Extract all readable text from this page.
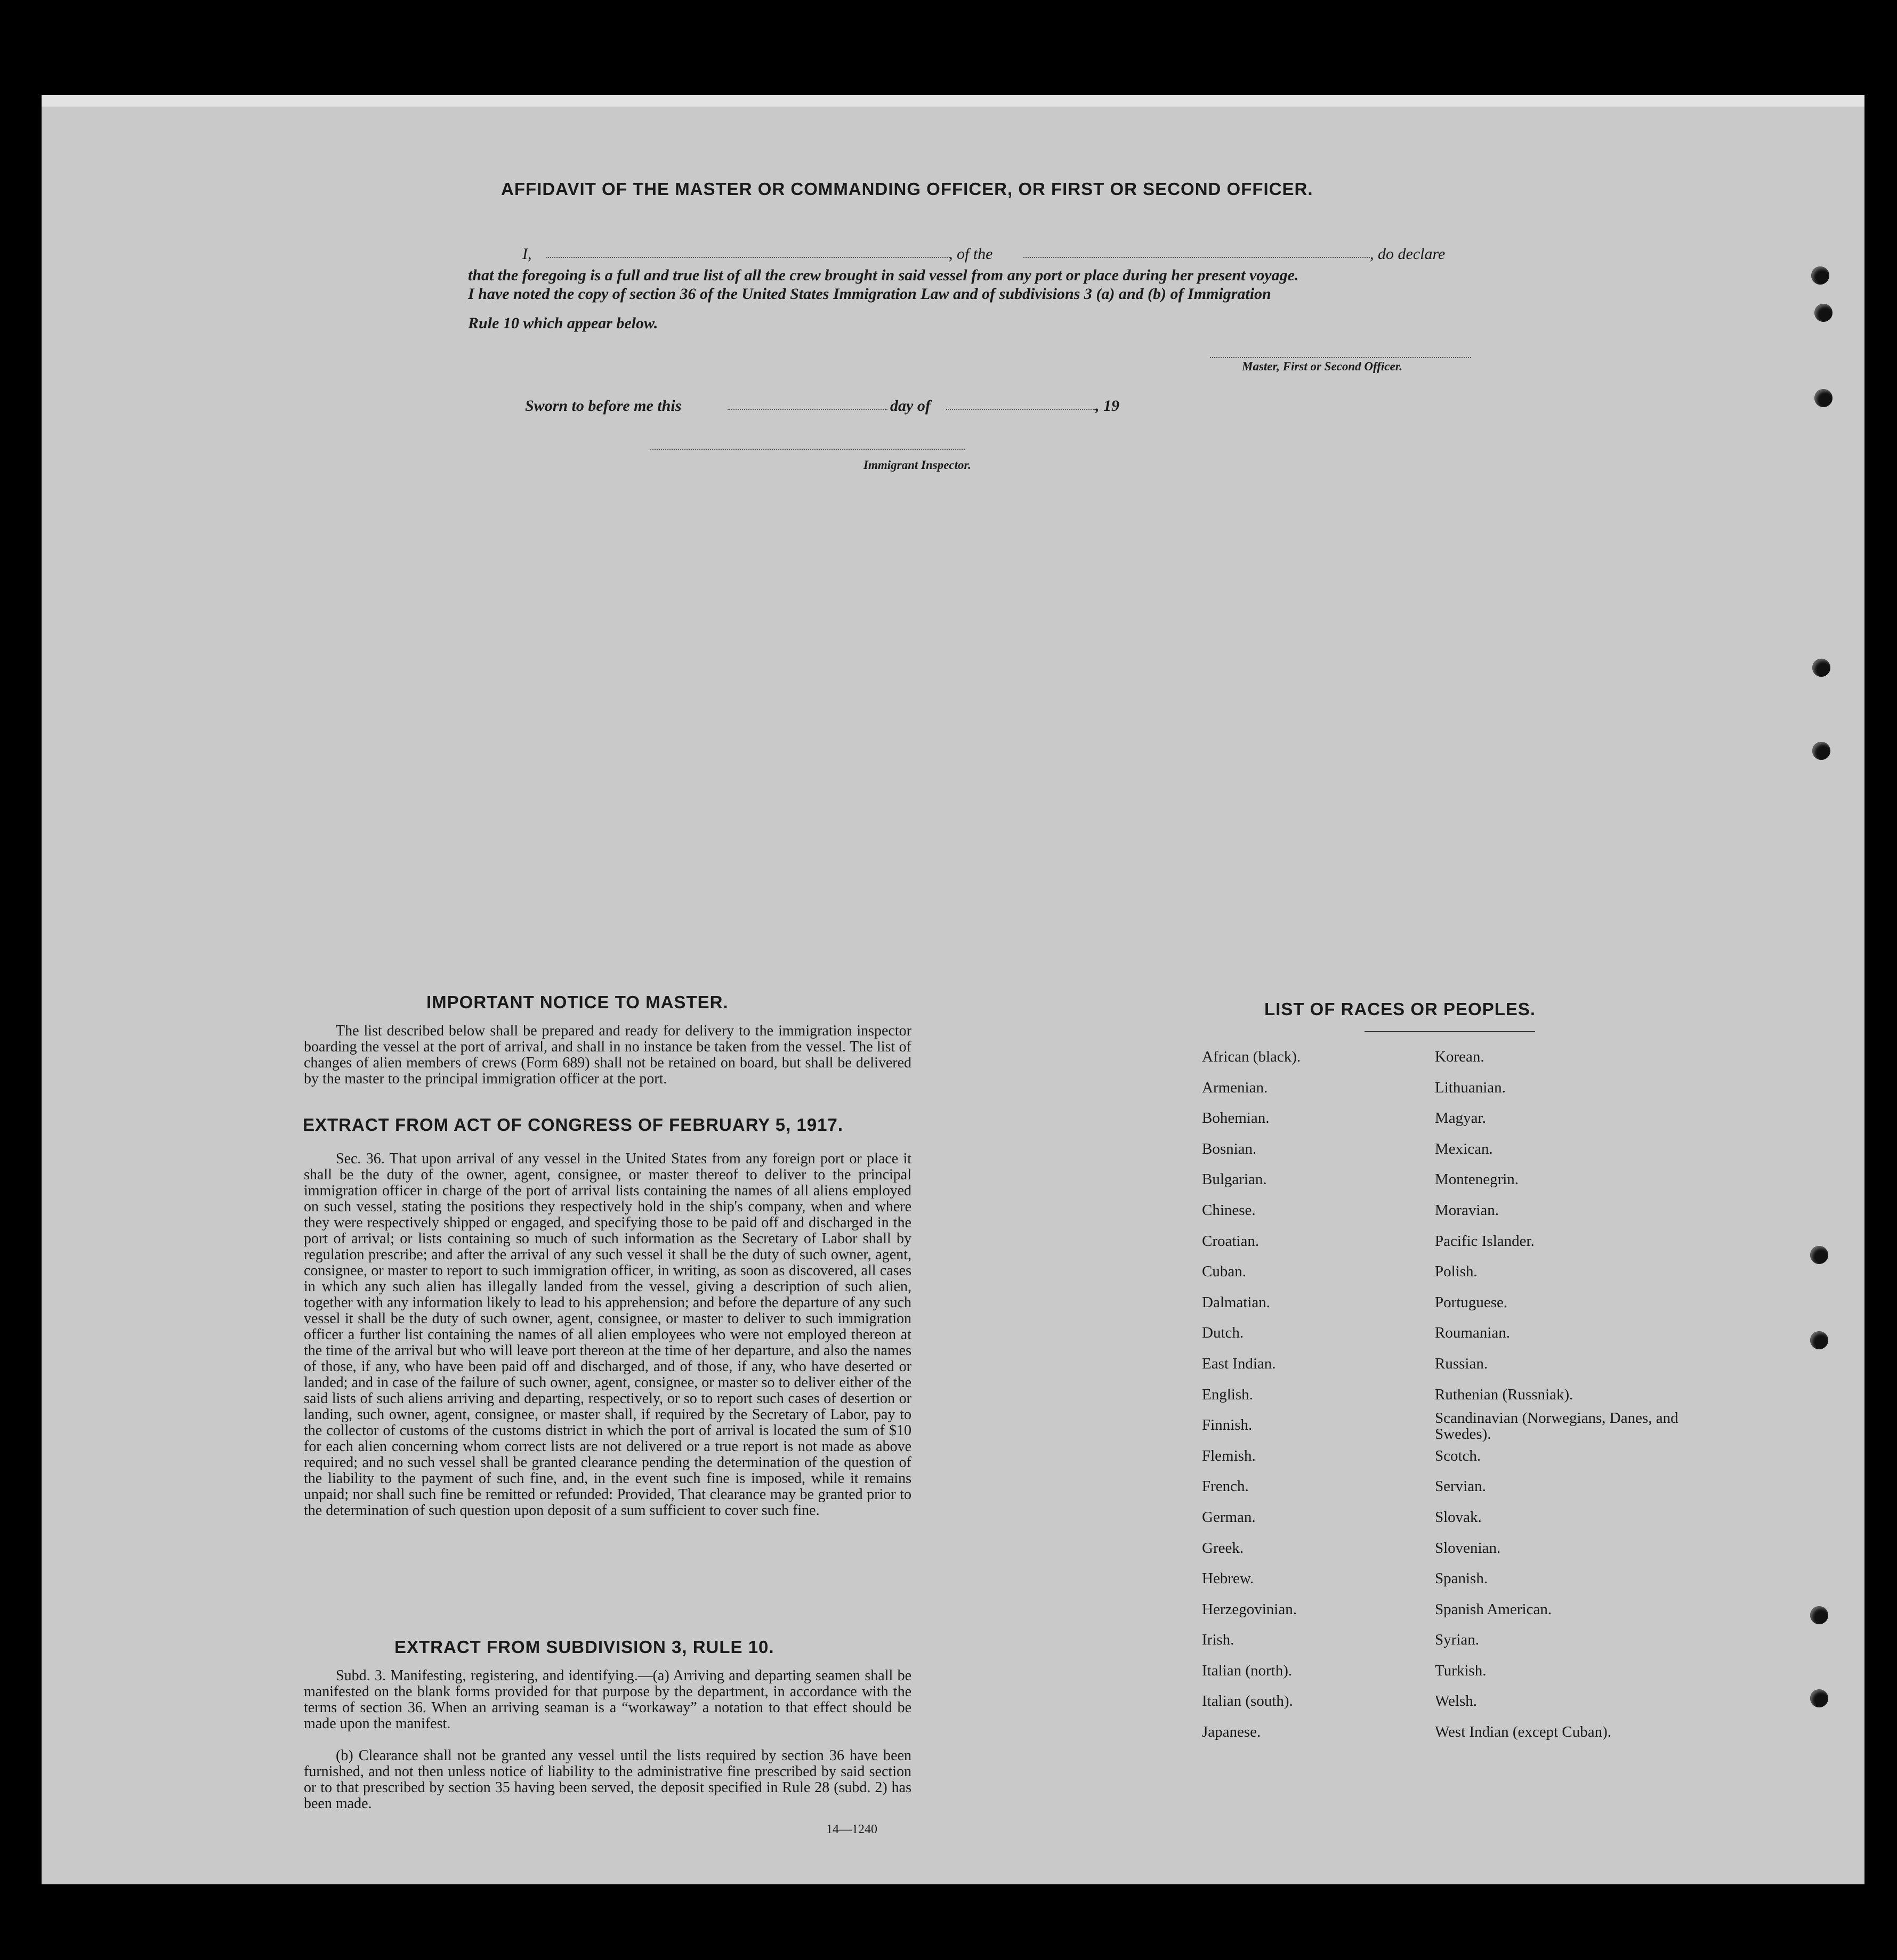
AFFIDAVIT OF THE MASTER OR COMMANDING OFFICER, OR FIRST OR SECOND OFFICER.
I,	, of the	, do declare
that the foregoing is a full and true list of all the crew brought in said vessel from any port or place during her present voyage.
I have noted the copy of section 36 of the United States Immigration Law and of subdivisions 3 (a) and (b) of Immigration
Rule 10 which appear below.
Master, First or Second Officer.
Sworn to before me this	day of	, 19
Immigrant Inspector.
IMPORTANT NOTICE TO MASTER.
The list described below shall be prepared and ready for delivery to the immigration inspector boarding the vessel at the port of arrival, and shall in no instance be taken from the vessel. The list of changes of alien members of crews (Form 689) shall not be retained on board, but shall be delivered by the master to the principal immigration officer at the port.
EXTRACT FROM ACT OF CONGRESS OF FEBRUARY 5, 1917.
Sec. 36. That upon arrival of any vessel in the United States from any foreign port or place it shall be the duty of the owner, agent, consignee, or master thereof to deliver to the principal immigration officer in charge of the port of arrival lists containing the names of all aliens employed on such vessel, stating the positions they respectively hold in the ship's company, when and where they were respectively shipped or engaged, and specifying those to be paid off and discharged in the port of arrival; or lists containing so much of such information as the Secretary of Labor shall by regulation prescribe; and after the arrival of any such vessel it shall be the duty of such owner, agent, consignee, or master to report to such immigration officer, in writing, as soon as discovered, all cases in which any such alien has illegally landed from the vessel, giving a description of such alien, together with any information likely to lead to his apprehension; and before the departure of any such vessel it shall be the duty of such owner, agent, consignee, or master to deliver to such immigration officer a further list containing the names of all alien employees who were not employed thereon at the time of the arrival but who will leave port thereon at the time of her departure, and also the names of those, if any, who have been paid off and discharged, and of those, if any, who have deserted or landed; and in case of the failure of such owner, agent, consignee, or master so to deliver either of the said lists of such aliens arriving and departing, respectively, or so to report such cases of desertion or landing, such owner, agent, consignee, or master shall, if required by the Secretary of Labor, pay to the collector of customs of the customs district in which the port of arrival is located the sum of $10 for each alien concerning whom correct lists are not delivered or a true report is not made as above required; and no such vessel shall be granted clearance pending the determination of the question of the liability to the payment of such fine, and, in the event such fine is imposed, while it remains unpaid; nor shall such fine be remitted or refunded: Provided, That clearance may be granted prior to the determination of such question upon deposit of a sum sufficient to cover such fine.
EXTRACT FROM SUBDIVISION 3, RULE 10.
Subd. 3. Manifesting, registering, and identifying.—(a) Arriving and departing seamen shall be manifested on the blank forms provided for that purpose by the department, in accordance with the terms of section 36. When an arriving seaman is a “workaway” a notation to that effect should be made upon the manifest.
(b) Clearance shall not be granted any vessel until the lists required by section 36 have been furnished, and not then unless notice of liability to the administrative fine prescribed by said section or to that prescribed by section 35 having been served, the deposit specified in Rule 28 (subd. 2) has been made.
14—1240
LIST OF RACES OR PEOPLES.
African (black).
Armenian.
Bohemian.
Bosnian.
Bulgarian.
Chinese.
Croatian.
Cuban.
Dalmatian.
Dutch.
East Indian.
English.
Finnish.
Flemish.
French.
German.
Greek.
Hebrew.
Herzegovinian.
Irish.
Italian (north).
Italian (south).
Japanese.
Korean.
Lithuanian.
Magyar.
Mexican.
Montenegrin.
Moravian.
Pacific Islander.
Polish.
Portuguese.
Roumanian.
Russian.
Ruthenian (Russniak).
Scandinavian (Norwegians, Danes, and Swedes).
Scotch.
Servian.
Slovak.
Slovenian.
Spanish.
Spanish American.
Syrian.
Turkish.
Welsh.
West Indian (except Cuban).
